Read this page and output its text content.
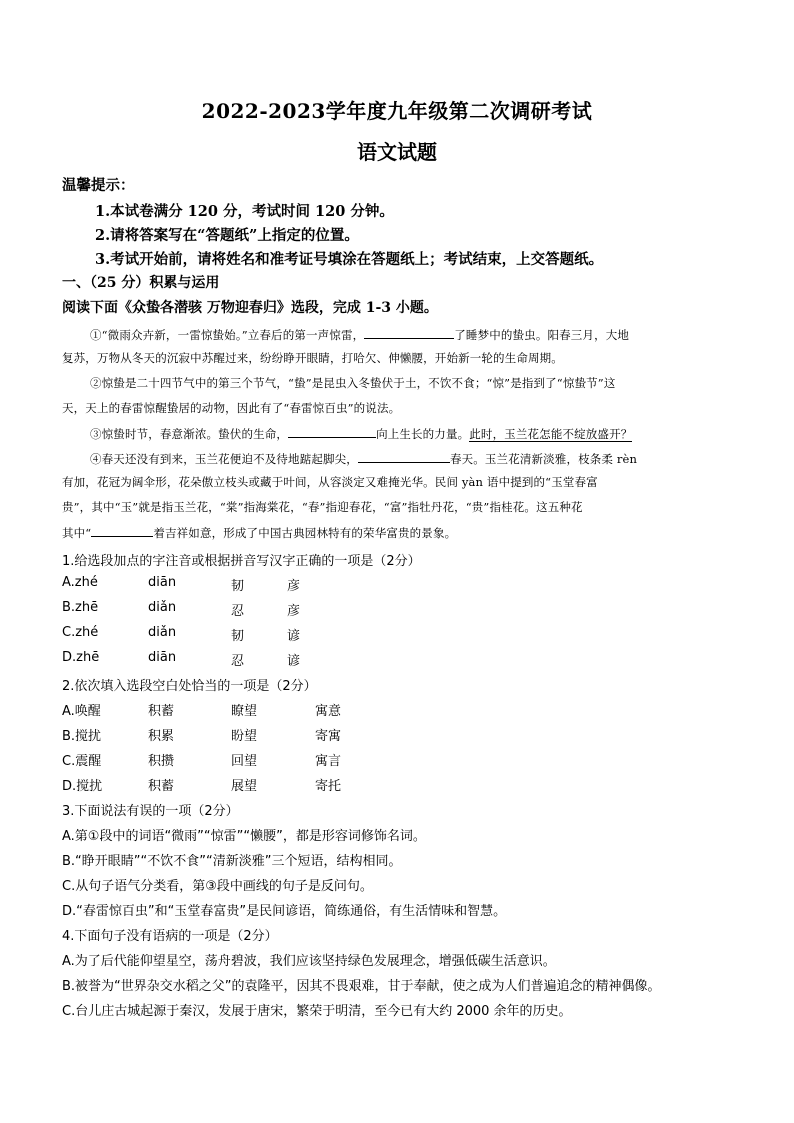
2022-2023学年度九年级第二次调研考试
语文试题
温馨提示：
1.本试卷满分 120 分，考试时间 120 分钟。
2.请将答案写在“答题纸”上指定的位置。
3.考试开始前，请将姓名和准考证号填涂在答题纸上；考试结束，上交答题纸。
一、（25 分）积累与运用
阅读下面《众蛰各潜骇 万物迎春归》选段，完成 1-3 小题。
①“微雨众卉新，一雷惊蛰始。”立春后的第一声惊雷，	了睡梦中的蛰虫。阳春三月，大地
复苏，万物从冬天的沉寂中苏醒过来，纷纷睁开眼睛，打哈欠、伸懒腰，开始新一轮的生命周期。
②惊蛰是二十四节气中的第三个节气，“蛰”是昆虫入冬蛰伏于土，不饮不食；“惊”是指到了“惊蛰节”这
天，天上的春雷惊醒蛰居的动物，因此有了“春雷惊百虫”的说法。
③惊蛰时节，春意渐浓。蛰伏的生命，	向上生长的力量。此时，玉兰花怎能不绽放盛开？
④春天还没有到来，玉兰花便迫不及待地踮起脚尖，	春天。玉兰花清新淡雅，枝条柔 rèn
有加，花冠为阔伞形，花朵傲立枝头或藏于叶间，从容淡定又难掩光华。民间 yàn 语中提到的“玉堂春富
贵”，其中“玉”就是指玉兰花，“棠”指海棠花，“春”指迎春花，“富”指牡丹花，“贵”指桂花。这五种花
其中“	着吉祥如意，形成了中国古典园林特有的荣华富贵的景象。
1.给选段加点的字注音或根据拼音写汉字正确的一项是（2分）
A.zhé	diān	韧	彦
B.zhē	diǎn	忍	彦
C.zhé	diǎn	韧	谚
D.zhē	diān	忍	谚
2.依次填入选段空白处恰当的一项是（2分）
A.唤醒	积蓄	瞭望	寓意
B.搅扰	积累	盼望	寄寓
C.震醒	积攒	回望	寓言
D.搅扰	积蓄	展望	寄托
3.下面说法有误的一项（2分）
A.第①段中的词语“微雨”“惊雷”“懒腰”，都是形容词修饰名词。
B.“睁开眼睛”“不饮不食”“清新淡雅”三个短语，结构相同。
C.从句子语气分类看，第③段中画线的句子是反问句。
D.“春雷惊百虫”和“玉堂春富贵”是民间谚语，简练通俗，有生活情味和智慧。
4.下面句子没有语病的一项是（2分）
A.为了后代能仰望星空，荡舟碧波，我们应该坚持绿色发展理念，增强低碳生活意识。
B.被誉为“世界杂交水稻之父”的袁隆平，因其不畏艰难，甘于奉献，使之成为人们普遍追念的精神偶像。
C.台儿庄古城起源于秦汉，发展于唐宋，繁荣于明清，至今已有大约 2000 余年的历史。
